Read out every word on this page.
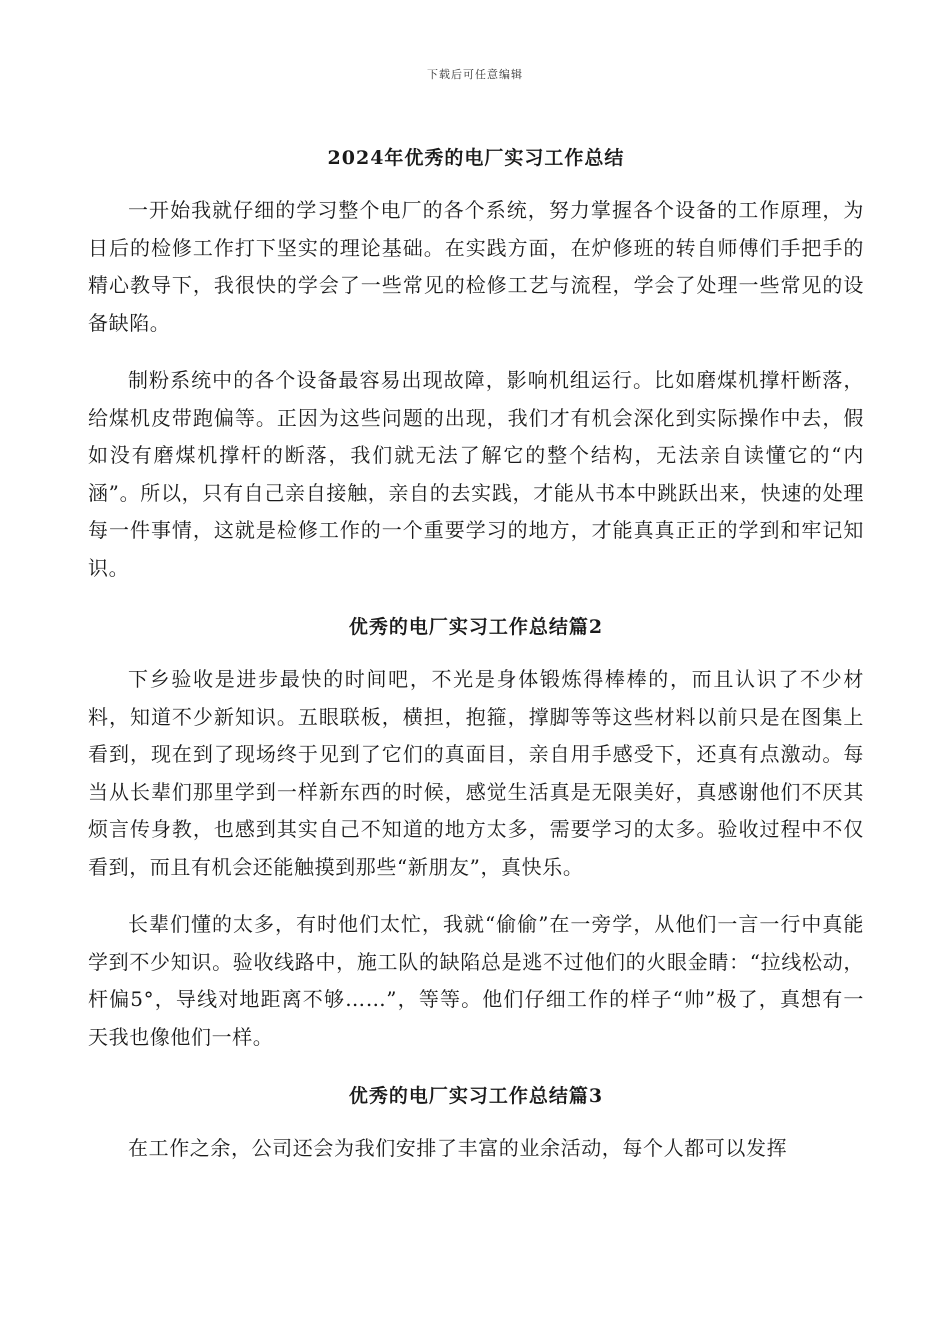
下载后可任意编辑
2024年优秀的电厂实习工作总结

一开始我就仔细的学习整个电厂的各个系统，努力掌握各个设备的工作原理，为日后的检修工作打下坚实的理论基础。在实践方面，在炉修班的转自师傅们手把手的精心教导下，我很快的学会了一些常见的检修工艺与流程，学会了处理一些常见的设备缺陷。

制粉系统中的各个设备最容易出现故障，影响机组运行。比如磨煤机撑杆断落，给煤机皮带跑偏等。正因为这些问题的出现，我们才有机会深化到实际操作中去，假如没有磨煤机撑杆的断落，我们就无法了解它的整个结构，无法亲自读懂它的“内涵”。所以，只有自己亲自接触，亲自的去实践，才能从书本中跳跃出来，快速的处理每一件事情，这就是检修工作的一个重要学习的地方，才能真真正正的学到和牢记知识。

优秀的电厂实习工作总结篇2

下乡验收是进步最快的时间吧，不光是身体锻炼得棒棒的，而且认识了不少材料，知道不少新知识。五眼联板，横担，抱箍，撑脚等等这些材料以前只是在图集上看到，现在到了现场终于见到了它们的真面目，亲自用手感受下，还真有点激动。每当从长辈们那里学到一样新东西的时候，感觉生活真是无限美好，真感谢他们不厌其烦言传身教，也感到其实自己不知道的地方太多，需要学习的太多。验收过程中不仅看到，而且有机会还能触摸到那些“新朋友”，真快乐。

长辈们懂的太多，有时他们太忙，我就“偷偷”在一旁学，从他们一言一行中真能学到不少知识。验收线路中，施工队的缺陷总是逃不过他们的火眼金睛：“拉线松动，杆偏5°，导线对地距离不够……”，等等。他们仔细工作的样子“帅”极了，真想有一天我也像他们一样。

优秀的电厂实习工作总结篇3

在工作之余，公司还会为我们安排了丰富的业余活动，每个人都可以发挥
